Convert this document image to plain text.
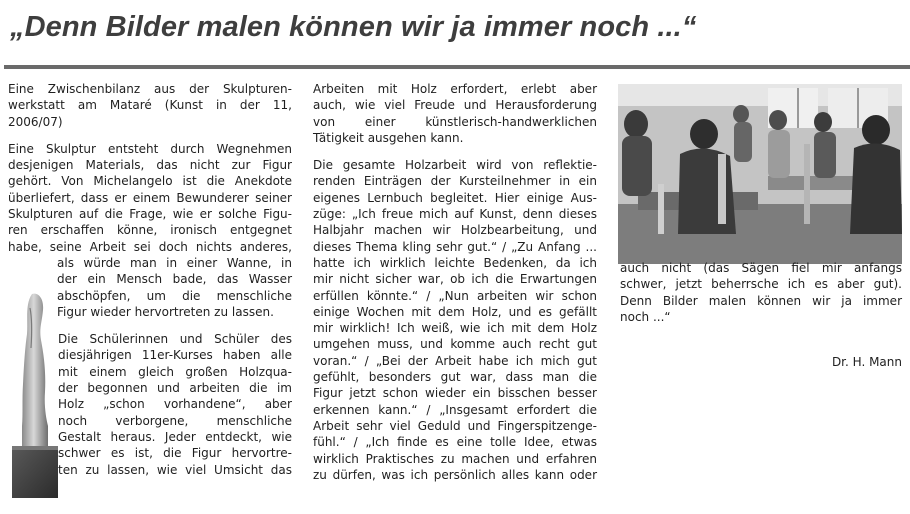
„Denn Bilder malen können wir ja immer noch ...“
Eine Zwischenbilanz aus der Skulpturen-
werkstatt am Mataré (Kunst in der 11,
2006/07)
Eine Skulptur entsteht durch Wegnehmen
desjenigen Materials, das nicht zur Figur
gehört. Von Michelangelo ist die Anekdote
überliefert, dass er einem Bewunderer seiner
Skulpturen auf die Frage, wie er solche Figu-
ren erschaffen könne, ironisch entgegnet
habe, seine Arbeit sei doch nichts anderes,
als würde man in einer Wanne, in
der ein Mensch bade, das Wasser
abschöpfen, um die menschliche
Figur wieder hervortreten zu lassen.
Die Schülerinnen und Schüler des
diesjährigen 11er-Kurses haben alle
mit einem gleich großen Holzqua-
der begonnen und arbeiten die im
Holz „schon vorhandene“, aber
noch verborgene, menschliche
Gestalt heraus. Jeder entdeckt, wie
schwer es ist, die Figur hervortre-
ten zu lassen, wie viel Umsicht das
Arbeiten mit Holz erfordert, erlebt aber
auch, wie viel Freude und Herausforderung
von einer künstlerisch-handwerklichen
Tätigkeit ausgehen kann.
Die gesamte Holzarbeit wird von reflektie-
renden Einträgen der Kursteilnehmer in ein
eigenes Lernbuch begleitet. Hier einige Aus-
züge: „Ich freue mich auf Kunst, denn dieses
Halbjahr machen wir Holzbearbeitung, und
dieses Thema kling sehr gut.“ / „Zu Anfang ...
hatte ich wirklich leichte Bedenken, da ich
mir nicht sicher war, ob ich die Erwartungen
erfüllen könnte.“ / „Nun arbeiten wir schon
einige Wochen mit dem Holz, und es gefällt
mir wirklich! Ich weiß, wie ich mit dem Holz
umgehen muss, und komme auch recht gut
voran.“ / „Bei der Arbeit habe ich mich gut
gefühlt, besonders gut war, dass man die
Figur jetzt schon wieder ein bisschen besser
erkennen kann.“ / „Insgesamt erfordert die
Arbeit sehr viel Geduld und Fingerspitzenge-
fühl.“ / „Ich finde es eine tolle Idee, etwas
wirklich Praktisches zu machen und erfahren
zu dürfen, was ich persönlich alles kann oder
auch nicht (das Sägen fiel mir anfangs
schwer, jetzt beherrsche ich es aber gut).
Denn Bilder malen können wir ja immer
noch ...“
Dr. H. Mann
